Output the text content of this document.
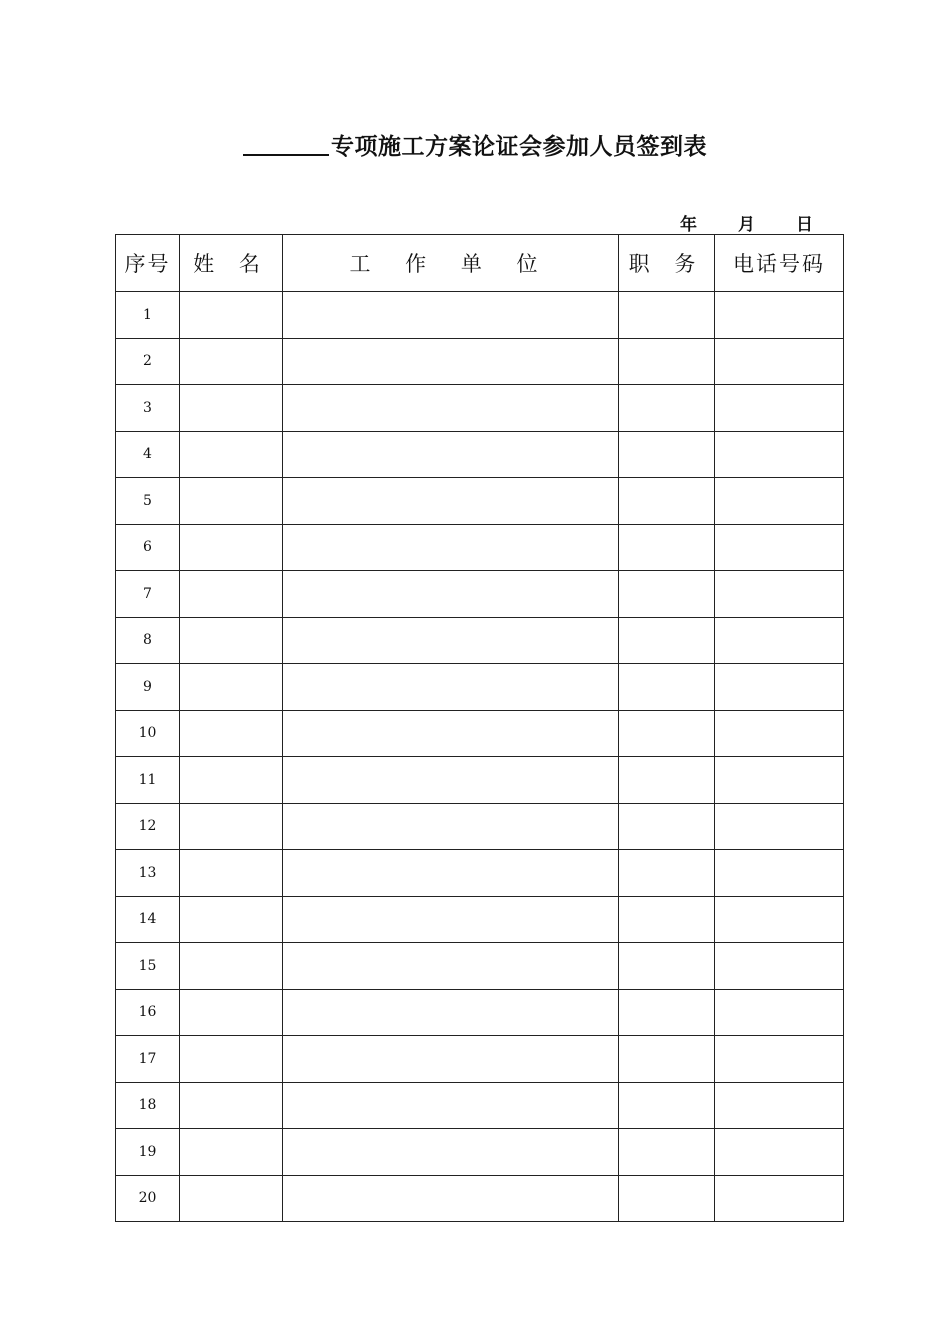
专项施工方案论证会参加人员签到表
年 月 日
序号	姓 名	工 作 单 位	职 务	电话号码
1				
2				
3				
4				
5				
6				
7				
8				
9				
10				
11				
12				
13				
14				
15				
16				
17				
18				
19				
20				
